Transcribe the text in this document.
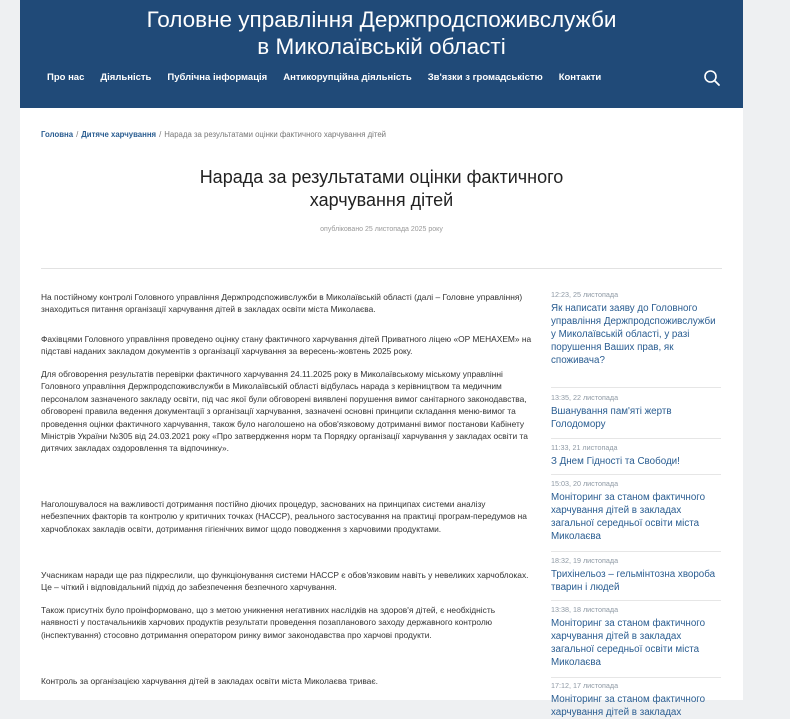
Головне управління Держпродспоживслужби
в Миколаївській області
Про нас Діяльність Публічна інформація Антикорупційна діяльність Зв'язки з громадськістю Контакти
Головна / Дитяче харчування / Нарада за результатами оцінки фактичного харчування дітей
Нарада за результатами оцінки фактичного
харчування дітей
опубліковано 25 листопада 2025 року

На постійному контролі Головного управління Держпродспоживслужби в Миколаївській області (далі – Головне управління) знаходиться питання організації харчування дітей в закладах освіти міста Миколаєва.

Фахівцями Головного управління проведено оцінку стану фактичного харчування дітей Приватного ліцею «ОР МЕНАХЕМ» на підставі наданих закладом документів з організації харчування за вересень-жовтень 2025 року.

Для обговорення результатів перевірки фактичного харчування 24.11.2025 року в Миколаївському міському управлінні Головного управління Держпродспоживслужби в Миколаївській області відбулась нарада з керівництвом та медичним персоналом зазначеного закладу освіти, під час якої були обговорені виявлені порушення вимог санітарного законодавства, обговорені правила ведення документації з організації харчування, зазначені основні принципи складання меню-вимог та проведення оцінки фактичного харчування, також було наголошено на обов'язковому дотриманні вимог постанови Кабінету Міністрів України №305 від 24.03.2021 року «Про затвердження норм та Порядку організації харчування у закладах освіти та дитячих закладах оздоровлення та відпочинку».

Наголошувалося на важливості дотримання постійно діючих процедур, заснованих на принципах системи аналізу небезпечних факторів та контролю у критичних точках (НАССР), реального застосування на практиці програм-передумов на харчоблоках закладів освіти, дотримання гігієнічних вимог щодо поводження з харчовими продуктами.

Учасникам наради ще раз підкреслили, що функціонування системи НАССР є обов'язковим навіть у невеликих харчоблоках. Це – чіткий і відповідальний підхід до забезпечення безпечного харчування.

Також присутніх було проінформовано, що з метою уникнення негативних наслідків на здоров'я дітей, є необхідність наявності у постачальників харчових продуктів результати проведення позапланового заходу державного контролю (інспектування) стосовно дотримання оператором ринку вимог законодавства про харчові продукти.

Контроль за організацією харчування дітей в закладах освіти міста Миколаєва триває.

12:23, 25 листопада
Як написати заяву до Головного управління Держпродспоживслужби у Миколаївській області, у разі порушення Ваших прав, як споживача?
13:35, 22 листопада
Вшанування пам'яті жертв Голодомору
11:33, 21 листопада
З Днем Гідності та Свободи!
15:03, 20 листопада
Моніторинг за станом фактичного харчування дітей в закладах загальної середньої освіти міста Миколаєва
18:32, 19 листопада
Трихінельоз – гельмінтозна хвороба тварин і людей
13:38, 18 листопада
Моніторинг за станом фактичного харчування дітей в закладах загальної середньої освіти міста Миколаєва
17:12, 17 листопада
Моніторинг за станом фактичного харчування дітей в закладах
